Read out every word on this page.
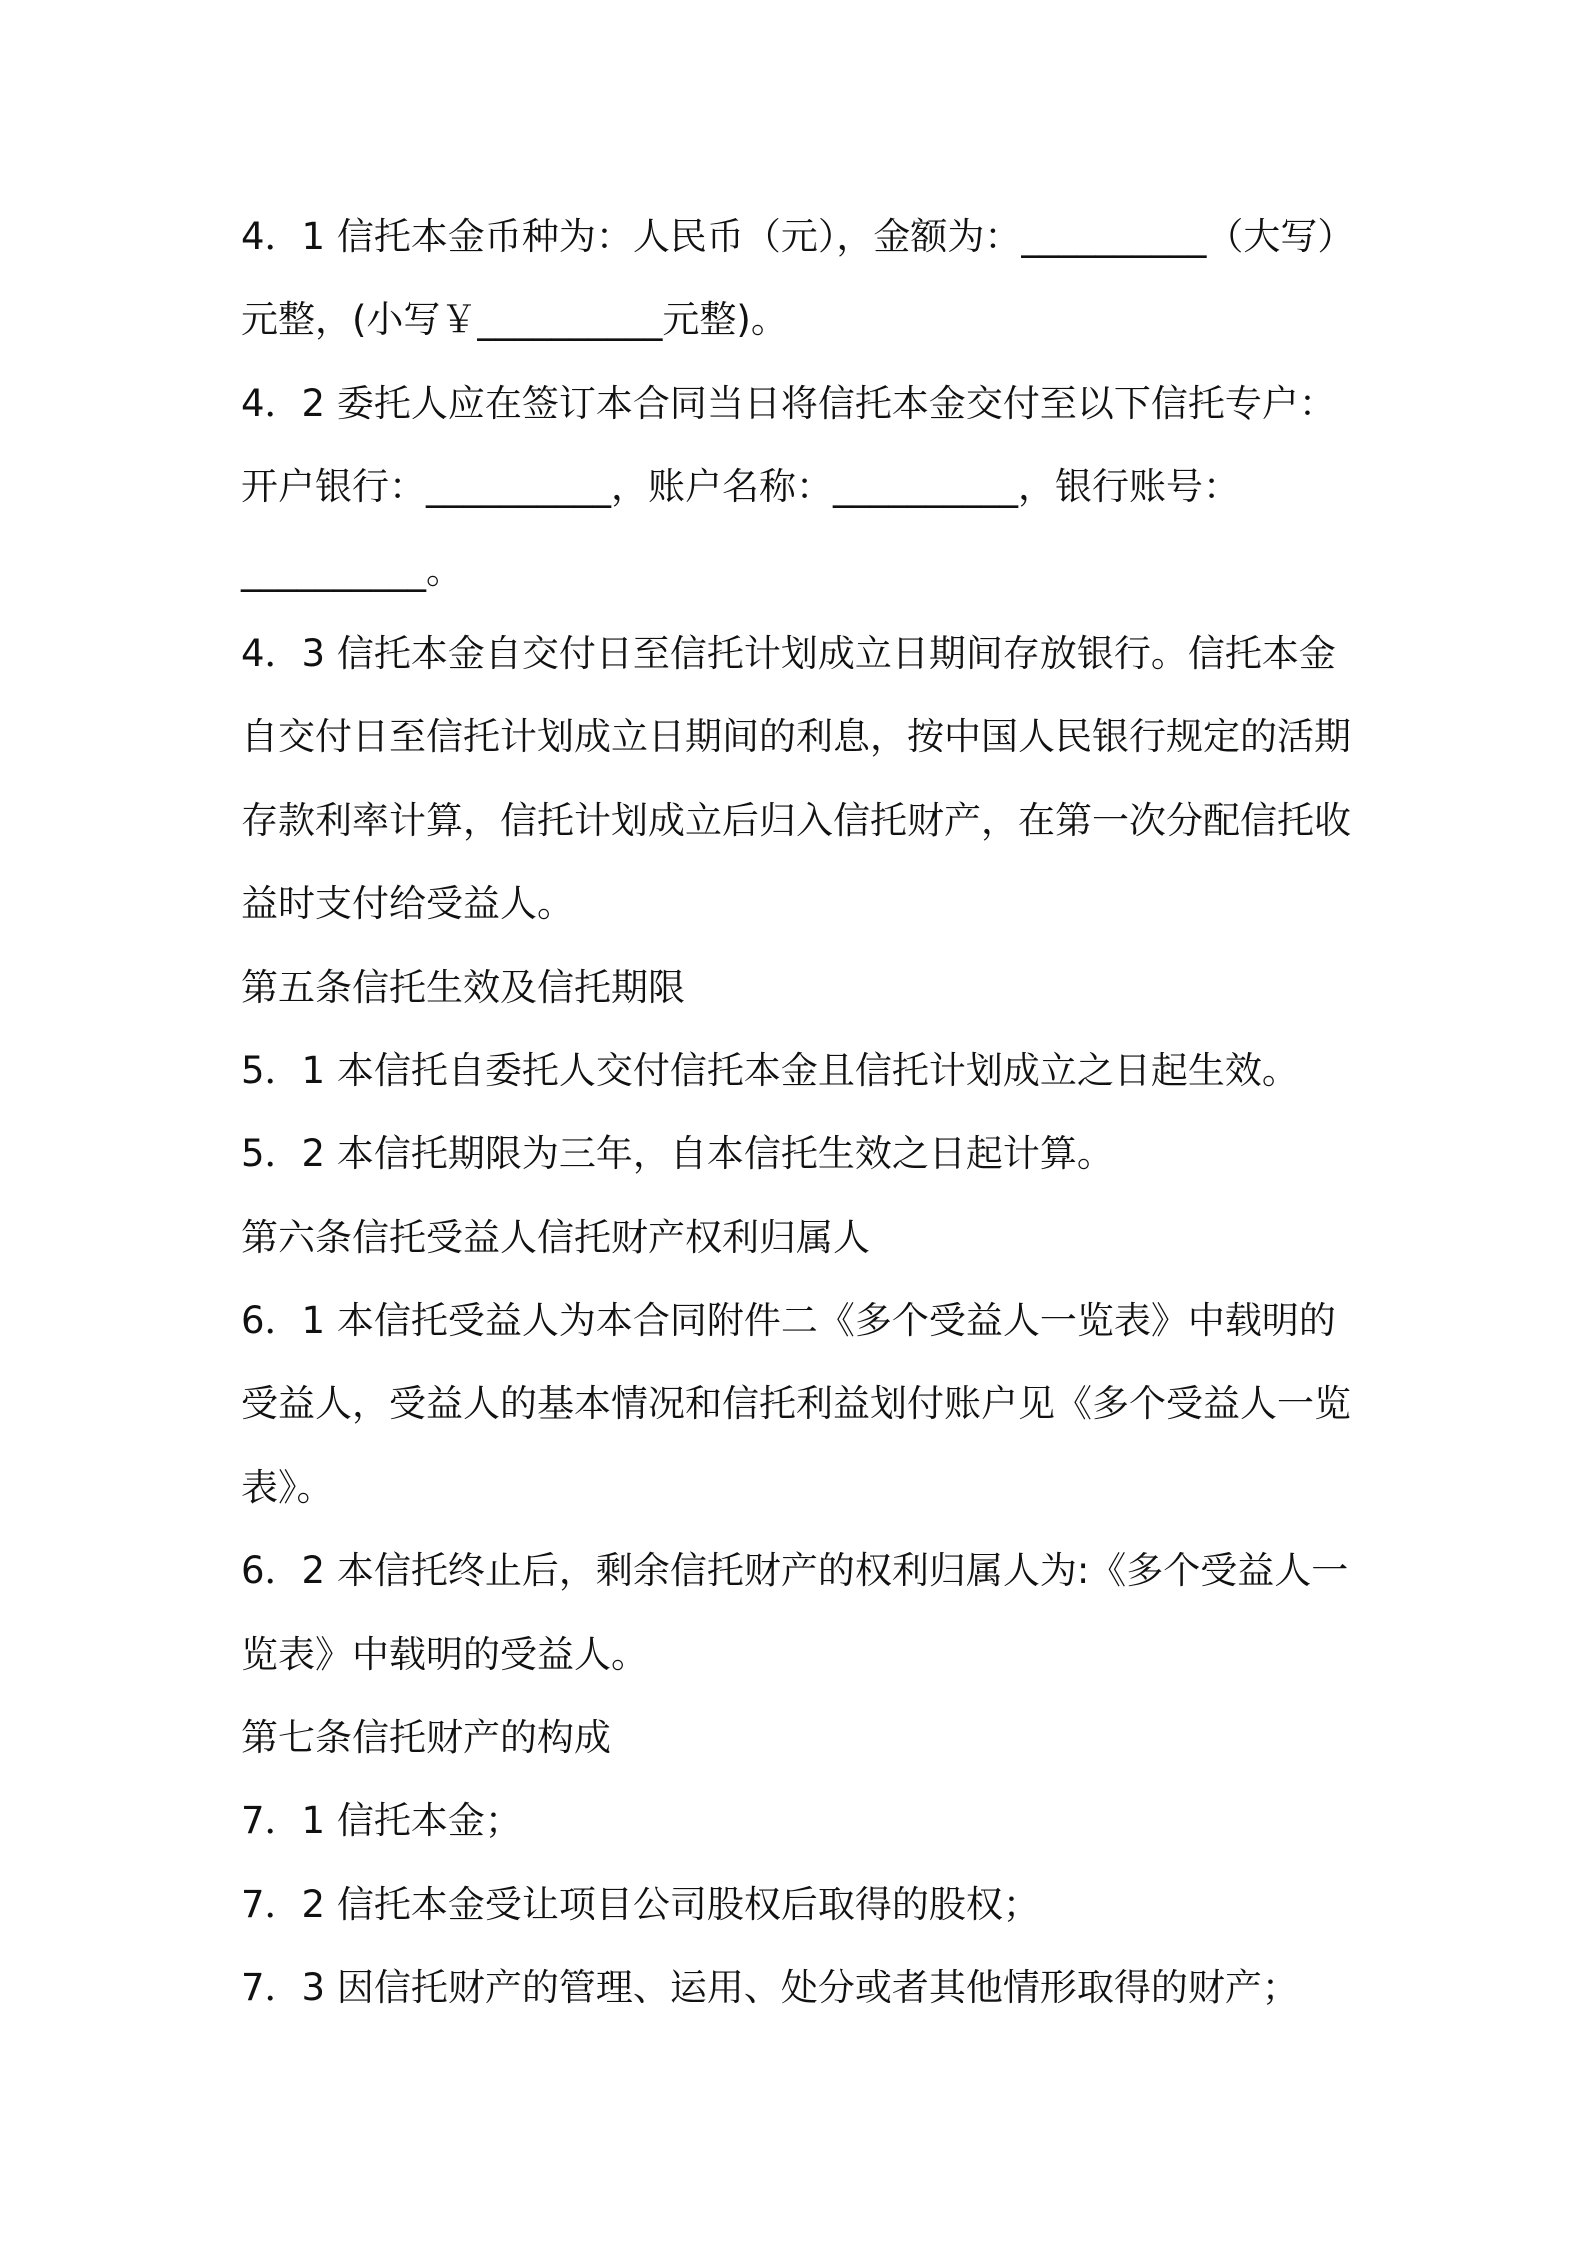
4．1 信托本金币种为：人民币（元），金额为：__________（大写）
元整，(小写￥__________元整)。
4．2 委托人应在签订本合同当日将信托本金交付至以下信托专户：
开户银行：__________，账户名称：__________，银行账号：
__________。
4．3 信托本金自交付日至信托计划成立日期间存放银行。信托本金
自交付日至信托计划成立日期间的利息，按中国人民银行规定的活期
存款利率计算，信托计划成立后归入信托财产，在第一次分配信托收
益时支付给受益人。
第五条信托生效及信托期限
5．1 本信托自委托人交付信托本金且信托计划成立之日起生效。
5．2 本信托期限为三年，自本信托生效之日起计算。
第六条信托受益人信托财产权利归属人
6．1 本信托受益人为本合同附件二《多个受益人一览表》中载明的
受益人，受益人的基本情况和信托利益划付账户见《多个受益人一览
表》。
6．2 本信托终止后，剩余信托财产的权利归属人为:《多个受益人一
览表》中载明的受益人。
第七条信托财产的构成
7．1 信托本金；
7．2 信托本金受让项目公司股权后取得的股权；
7．3 因信托财产的管理、运用、处分或者其他情形取得的财产；
